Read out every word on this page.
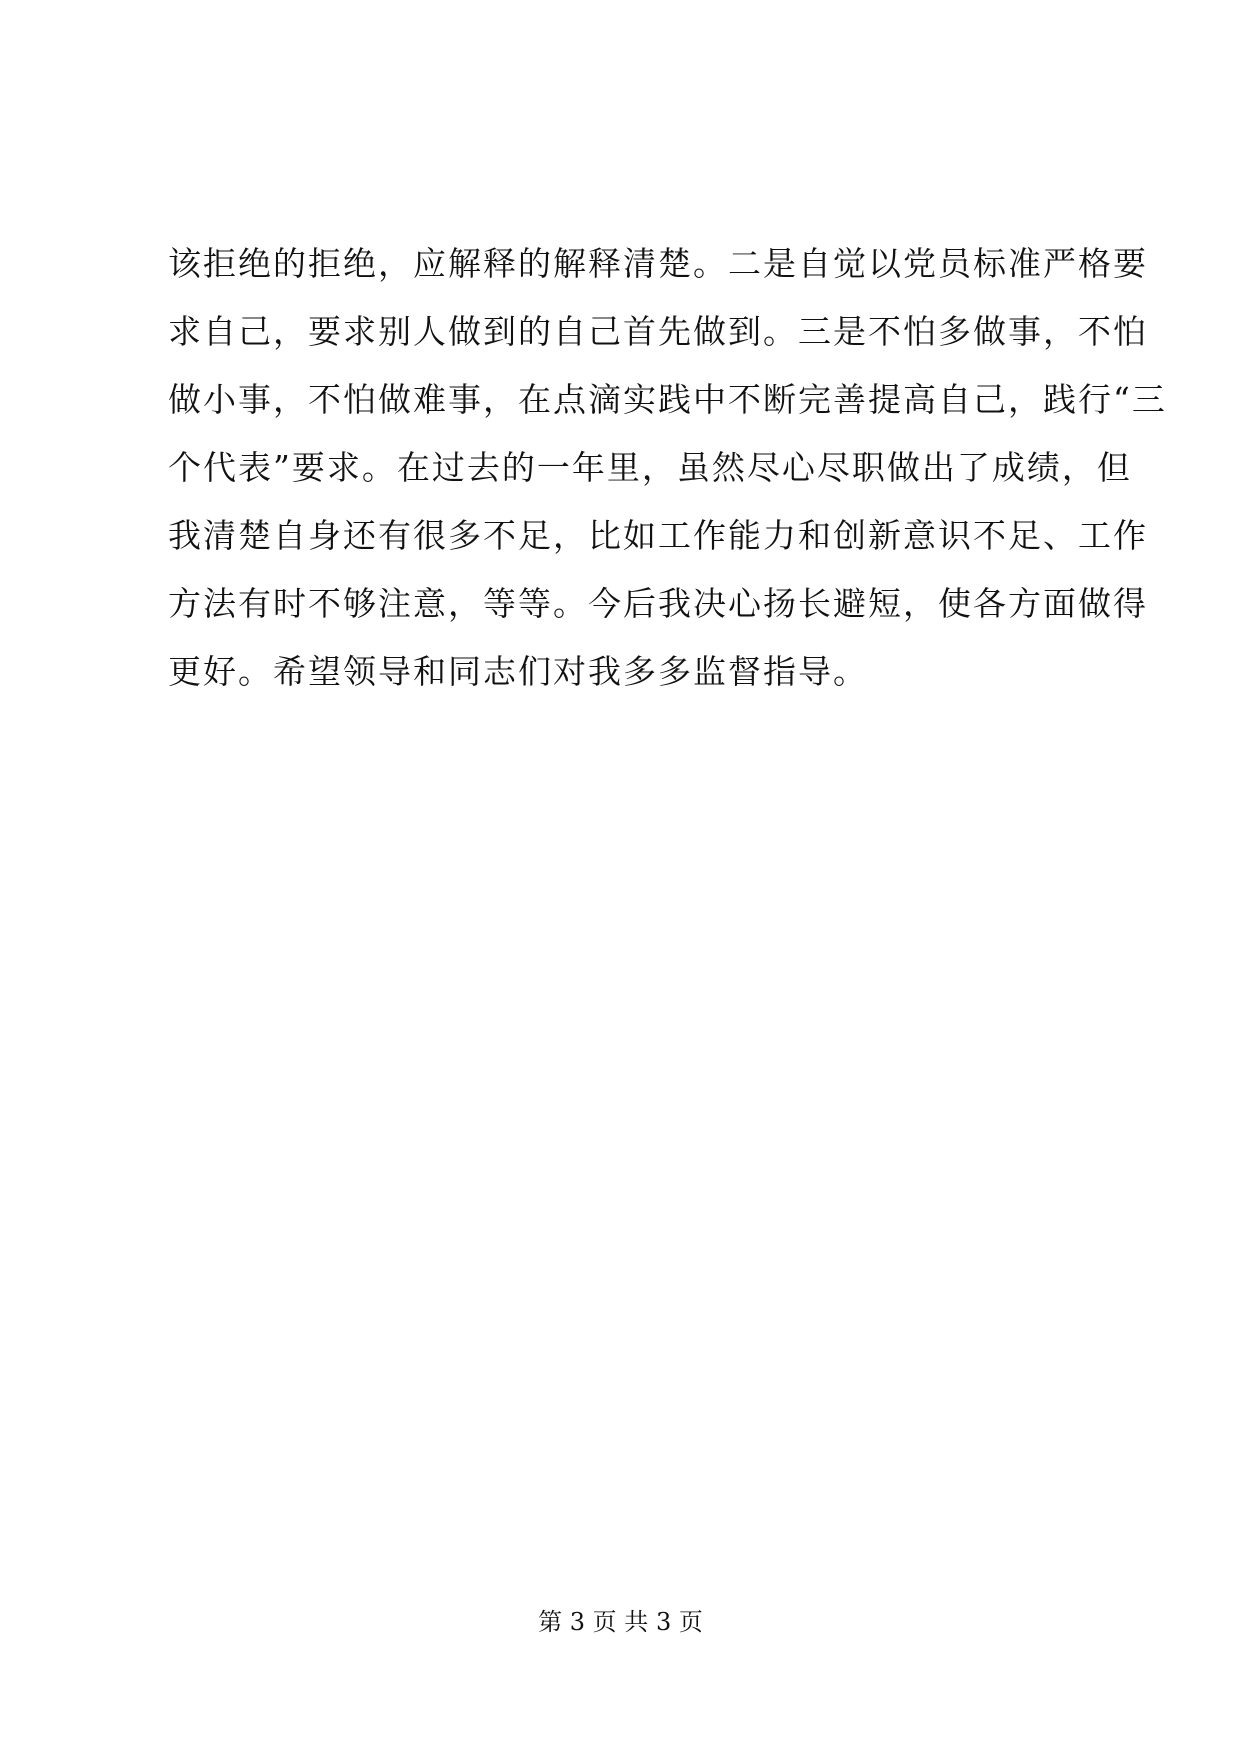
该拒绝的拒绝，应解释的解释清楚。二是自觉以党员标准严格要
求自己，要求别人做到的自己首先做到。三是不怕多做事，不怕
做小事，不怕做难事，在点滴实践中不断完善提高自己，践行“三
个代表”要求。在过去的一年里，虽然尽心尽职做出了成绩，但
我清楚自身还有很多不足，比如工作能力和创新意识不足、工作
方法有时不够注意，等等。今后我决心扬长避短，使各方面做得
更好。希望领导和同志们对我多多监督指导。
第 3 页 共 3 页
